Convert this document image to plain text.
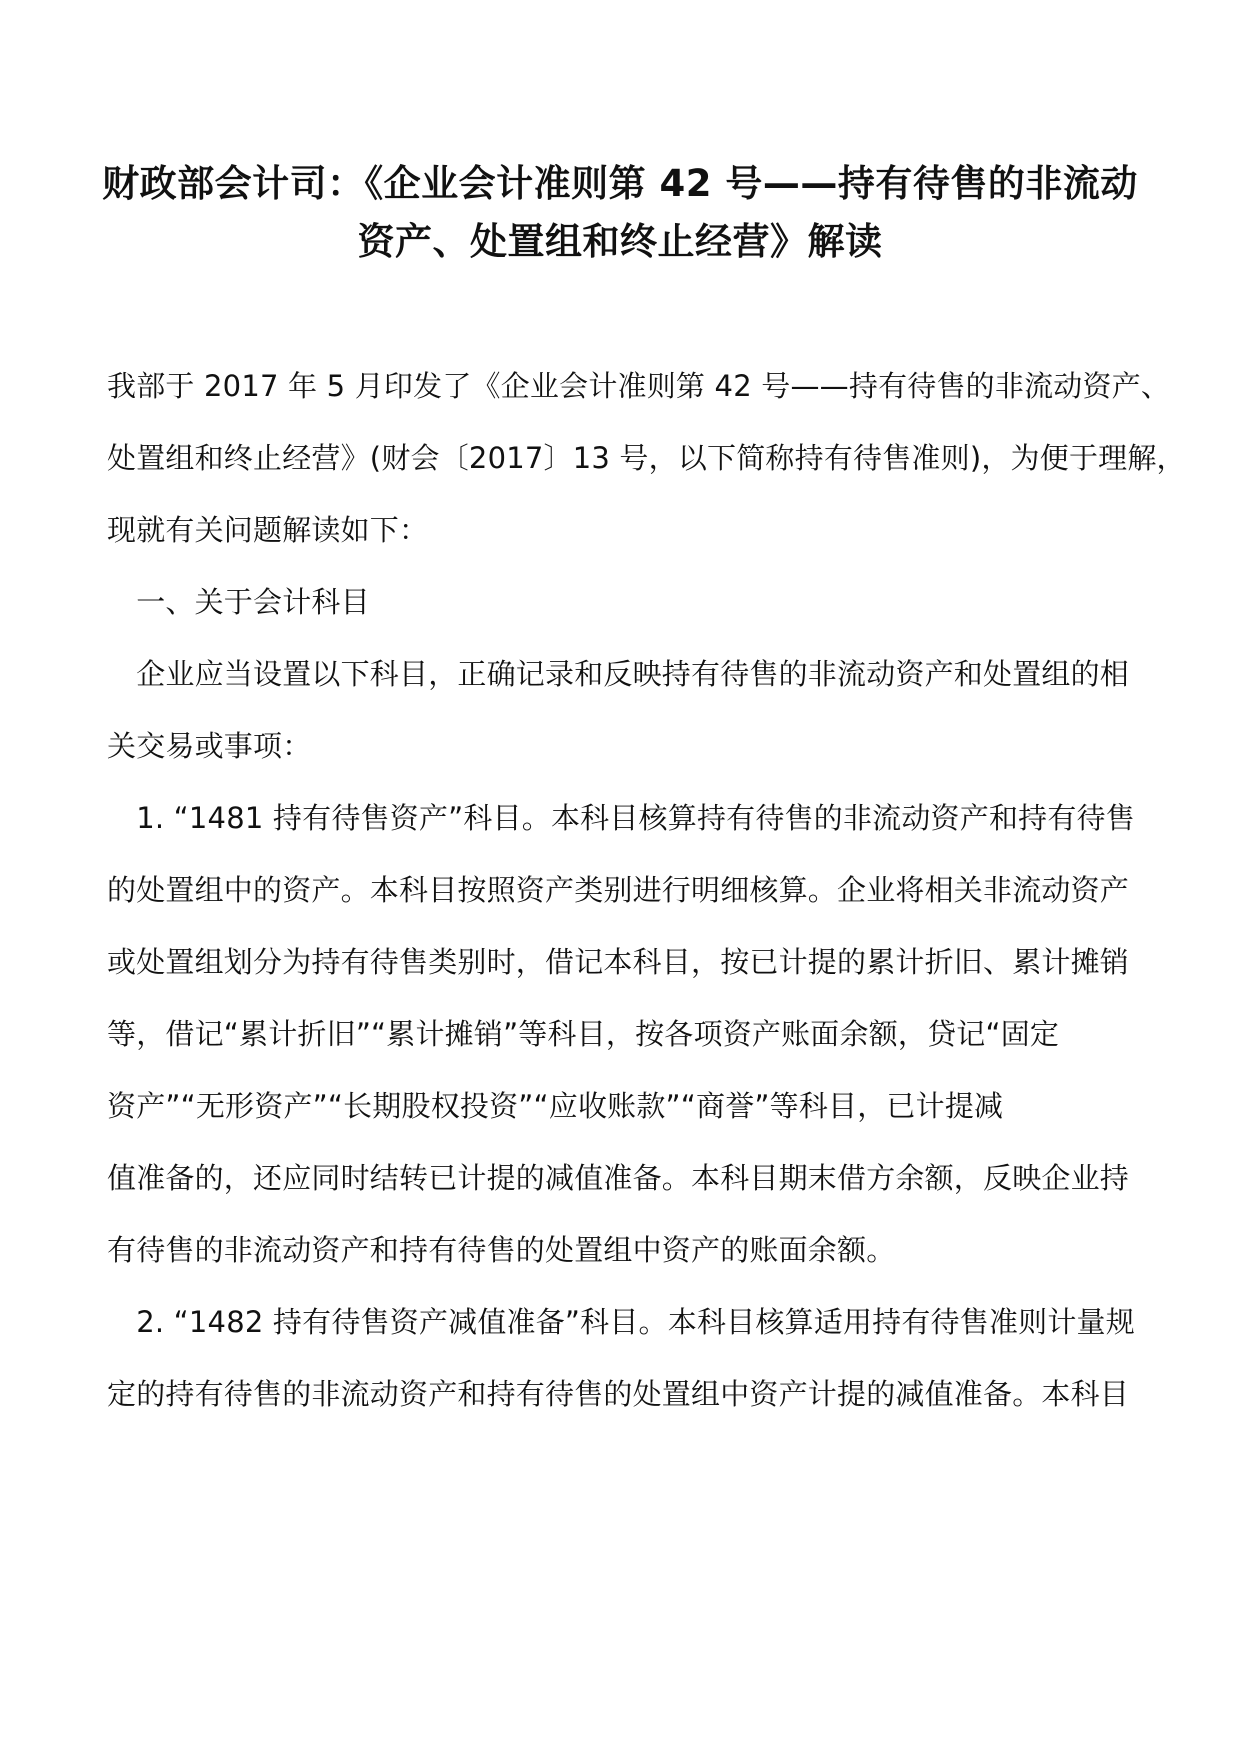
财政部会计司：《企业会计准则第 42 号——持有待售的非流动
资产、处置组和终止经营》解读
我部于 2017 年 5 月印发了《企业会计准则第 42 号——持有待售的非流动资产、
处置组和终止经营》(财会〔2017〕13 号，以下简称持有待售准则)，为便于理解，
现就有关问题解读如下：
　一、关于会计科目
　企业应当设置以下科目，正确记录和反映持有待售的非流动资产和处置组的相
关交易或事项：
　1. “1481 持有待售资产”科目。本科目核算持有待售的非流动资产和持有待售
的处置组中的资产。本科目按照资产类别进行明细核算。企业将相关非流动资产
或处置组划分为持有待售类别时，借记本科目，按已计提的累计折旧、累计摊销
等，借记“累计折旧”“累计摊销”等科目，按各项资产账面余额，贷记“固定
资产”“无形资产”“长期股权投资”“应收账款”“商誉”等科目，已计提减
值准备的，还应同时结转已计提的减值准备。本科目期末借方余额，反映企业持
有待售的非流动资产和持有待售的处置组中资产的账面余额。
　2. “1482 持有待售资产减值准备”科目。本科目核算适用持有待售准则计量规
定的持有待售的非流动资产和持有待售的处置组中资产计提的减值准备。本科目
